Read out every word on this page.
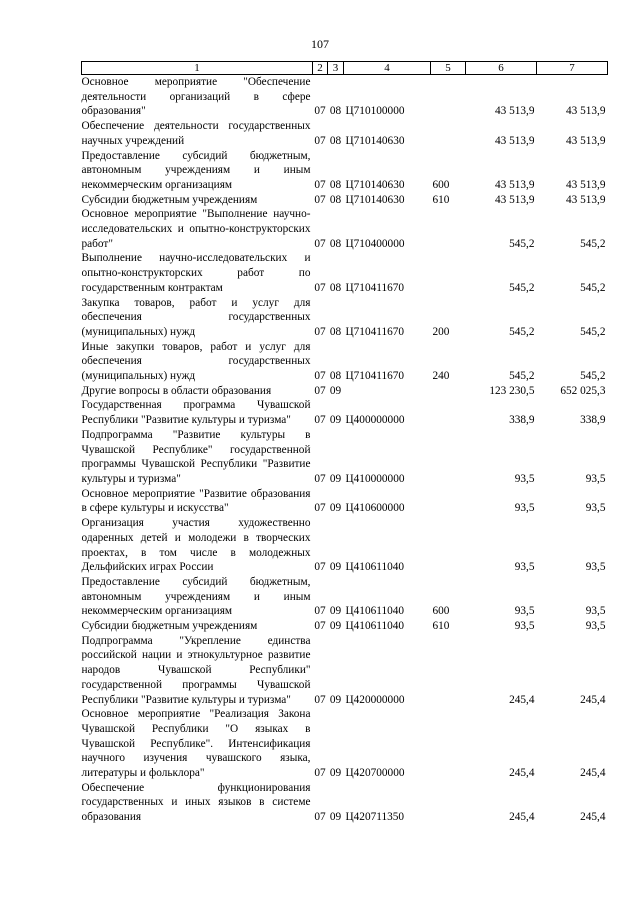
107
1	2	3	4	5	6	7
Основное мероприятие "Обеспечение деятельности организаций в сфере образования"	07	08	Ц710100000		43 513,9	43 513,9
Обеспечение деятельности государственных научных учреждений	07	08	Ц710140630		43 513,9	43 513,9
Предоставление субсидий бюджетным, автономным учреждениям и иным некоммерческим организациям	07	08	Ц710140630	600	43 513,9	43 513,9
Субсидии бюджетным учреждениям	07	08	Ц710140630	610	43 513,9	43 513,9
Основное мероприятие "Выполнение научно-исследовательских и опытно-конструкторских работ"	07	08	Ц710400000		545,2	545,2
Выполнение научно-исследовательских и опытно-конструкторских работ по государственным контрактам	07	08	Ц710411670		545,2	545,2
Закупка товаров, работ и услуг для обеспечения государственных (муниципальных) нужд	07	08	Ц710411670	200	545,2	545,2
Иные закупки товаров, работ и услуг для обеспечения государственных (муниципальных) нужд	07	08	Ц710411670	240	545,2	545,2
Другие вопросы в области образования	07	09			123 230,5	652 025,3
Государственная программа Чувашской Республики "Развитие культуры и туризма"	07	09	Ц400000000		338,9	338,9
Подпрограмма "Развитие культуры в Чувашской Республике" государственной программы Чувашской Республики "Развитие культуры и туризма"	07	09	Ц410000000		93,5	93,5
Основное мероприятие "Развитие образования в сфере культуры и искусства"	07	09	Ц410600000		93,5	93,5
Организация участия художественно одаренных детей и молодежи в творческих проектах, в том числе в молодежных Дельфийских играх России	07	09	Ц410611040		93,5	93,5
Предоставление субсидий бюджетным, автономным учреждениям и иным некоммерческим организациям	07	09	Ц410611040	600	93,5	93,5
Субсидии бюджетным учреждениям	07	09	Ц410611040	610	93,5	93,5
Подпрограмма "Укрепление единства российской нации и этнокультурное развитие народов Чувашской Республики" государственной программы Чувашской Республики "Развитие культуры и туризма"	07	09	Ц420000000		245,4	245,4
Основное мероприятие "Реализация Закона Чувашской Республики "О языках в Чувашской Республике". Интенсификация научного изучения чувашского языка, литературы и фольклора"	07	09	Ц420700000		245,4	245,4
Обеспечение функционирования государственных и иных языков в системе образования	07	09	Ц420711350		245,4	245,4
